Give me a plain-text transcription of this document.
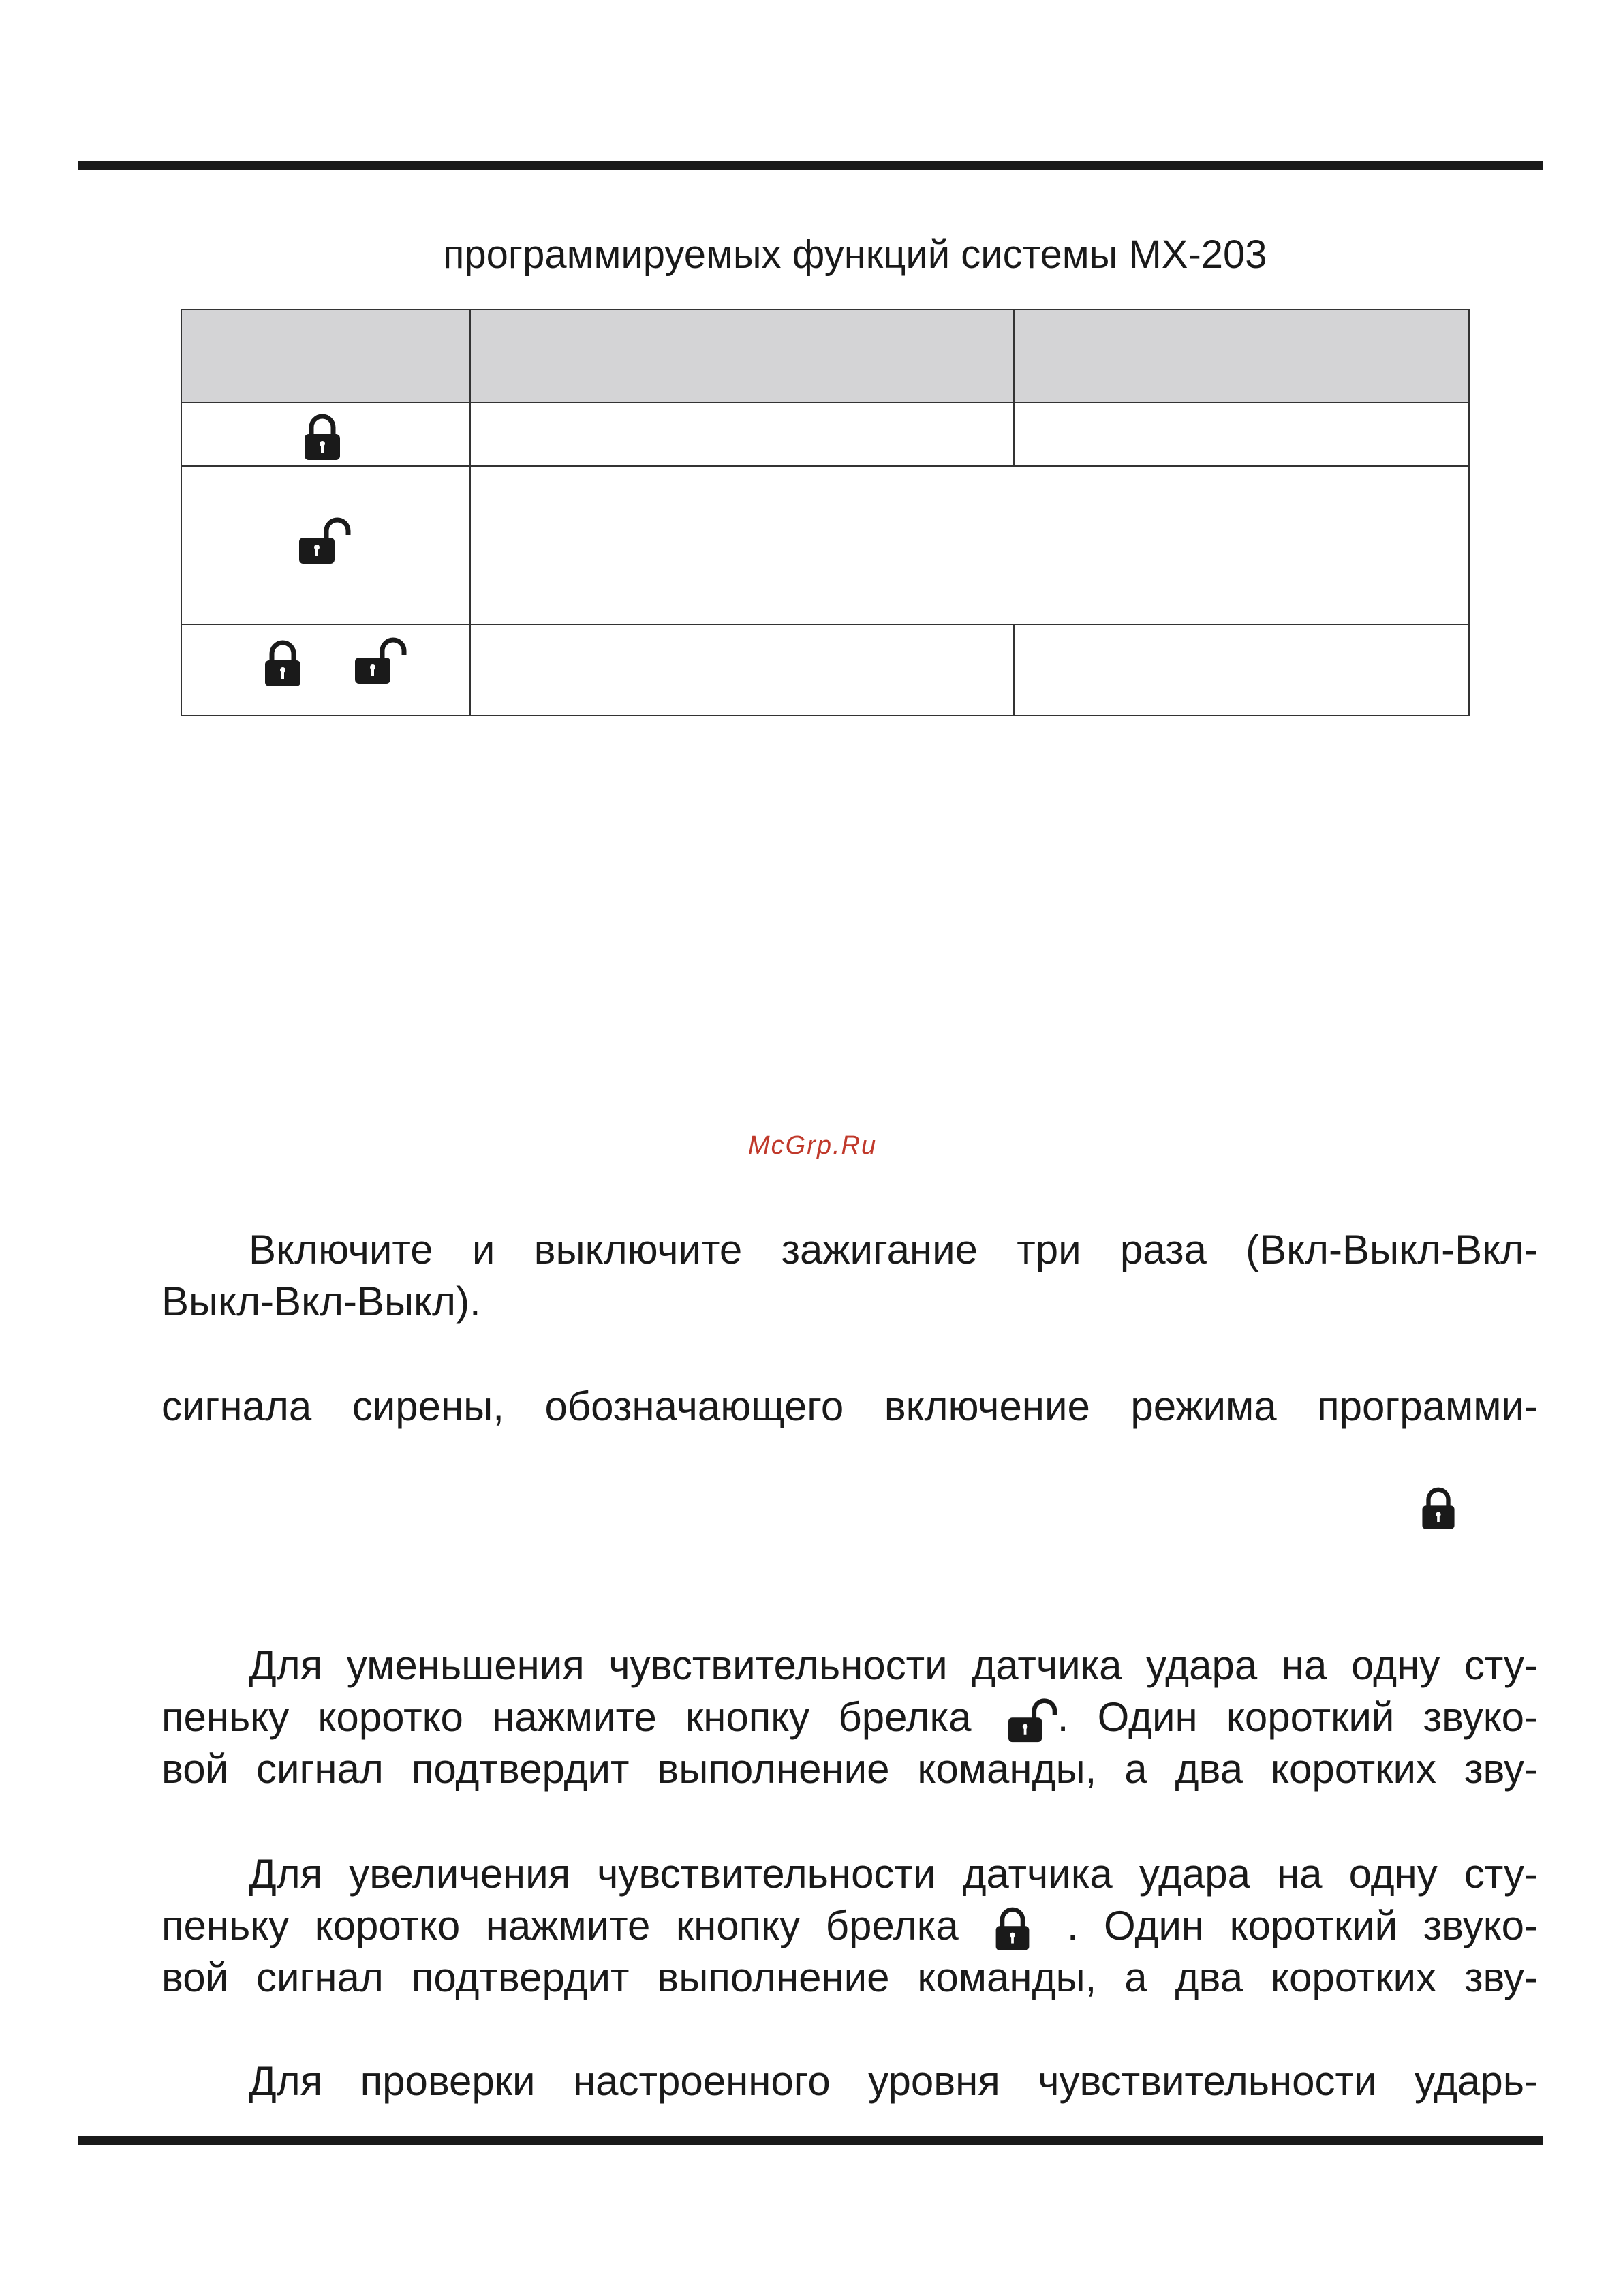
программируемых функций системы МХ-203
McGrp.Ru
Включите и выключите зажигание три раза (Вкл-Выкл-Вкл-
Выкл-Вкл-Выкл).
сигнала сирены, обозначающего включение режима программи-
Для уменьшения чувствительности датчика удара на одну сту-
пеньку коротко нажмите кнопку брелка . Один короткий звуко-
вой сигнал подтвердит выполнение команды, а два коротких зву-
Для увеличения чувствительности датчика удара на одну сту-
пеньку коротко нажмите кнопку брелка	. Один короткий звуко-
вой сигнал подтвердит выполнение команды, а два коротких зву-
Для проверки настроенного уровня чувствительности ударь-
